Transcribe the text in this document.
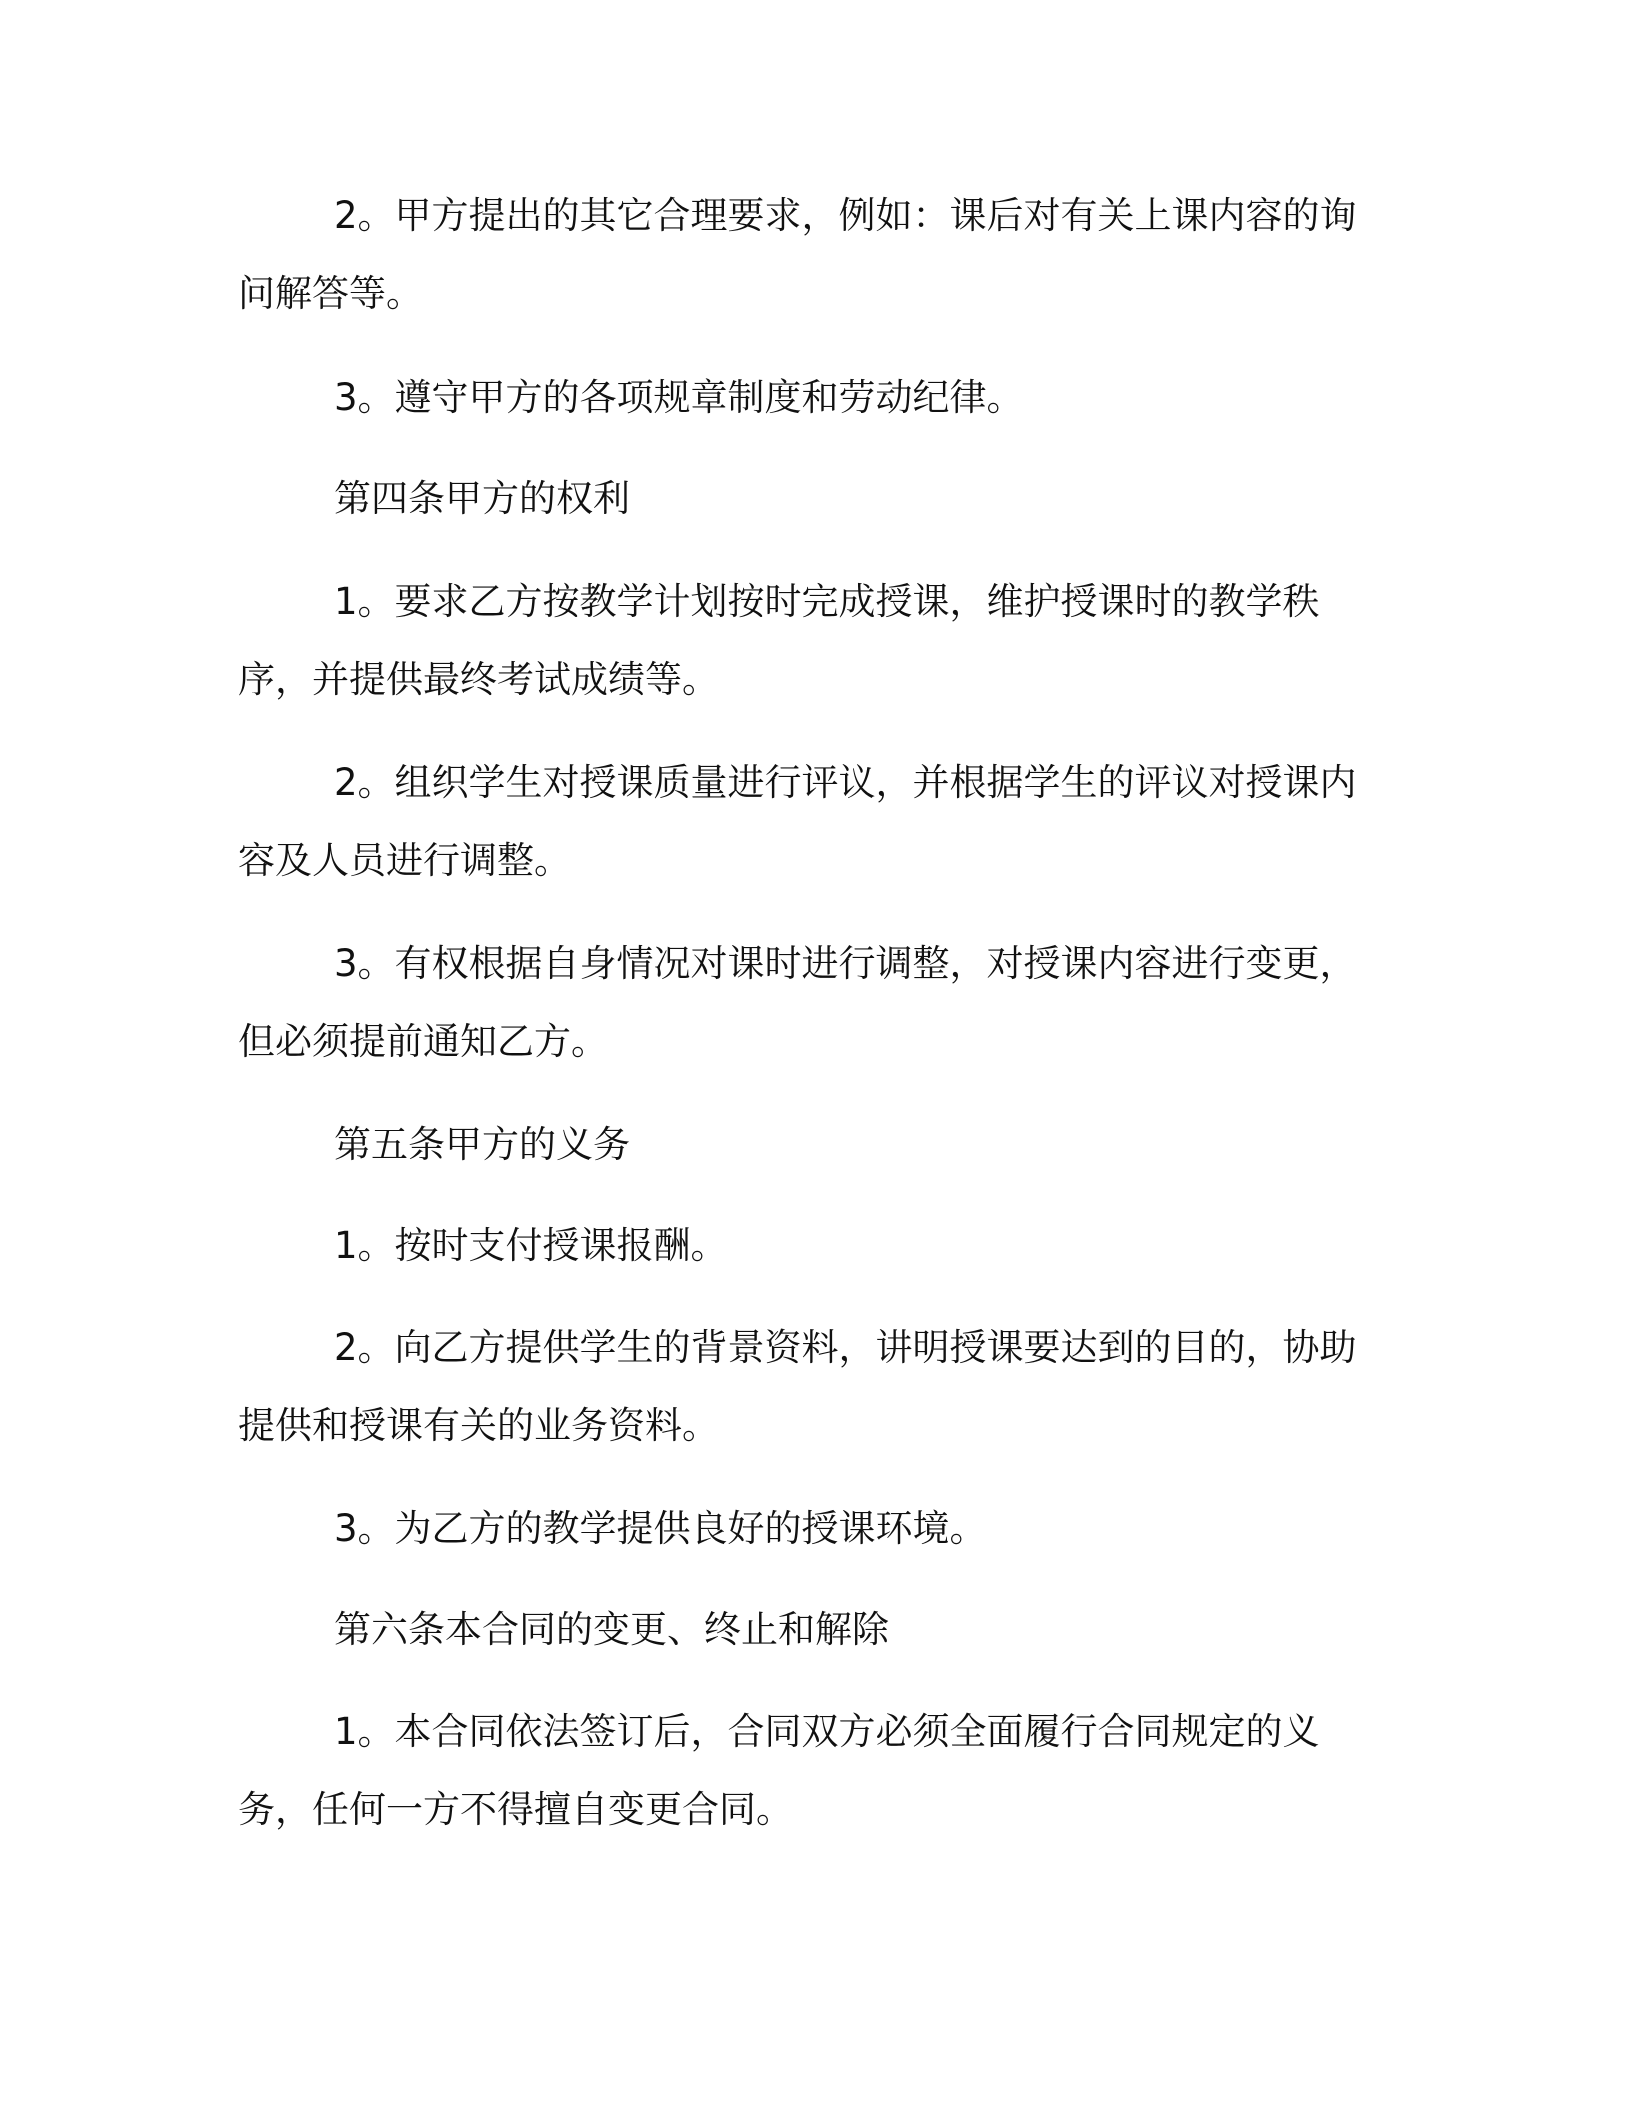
2。甲方提出的其它合理要求，例如：课后对有关上课内容的询问解答等。

3。遵守甲方的各项规章制度和劳动纪律。

第四条甲方的权利

1。要求乙方按教学计划按时完成授课，维护授课时的教学秩序，并提供最终考试成绩等。

2。组织学生对授课质量进行评议，并根据学生的评议对授课内容及人员进行调整。

3。有权根据自身情况对课时进行调整，对授课内容进行变更，但必须提前通知乙方。

第五条甲方的义务

1。按时支付授课报酬。

2。向乙方提供学生的背景资料，讲明授课要达到的目的，协助提供和授课有关的业务资料。

3。为乙方的教学提供良好的授课环境。

第六条本合同的变更、终止和解除

1。本合同依法签订后，合同双方必须全面履行合同规定的义务，任何一方不得擅自变更合同。
